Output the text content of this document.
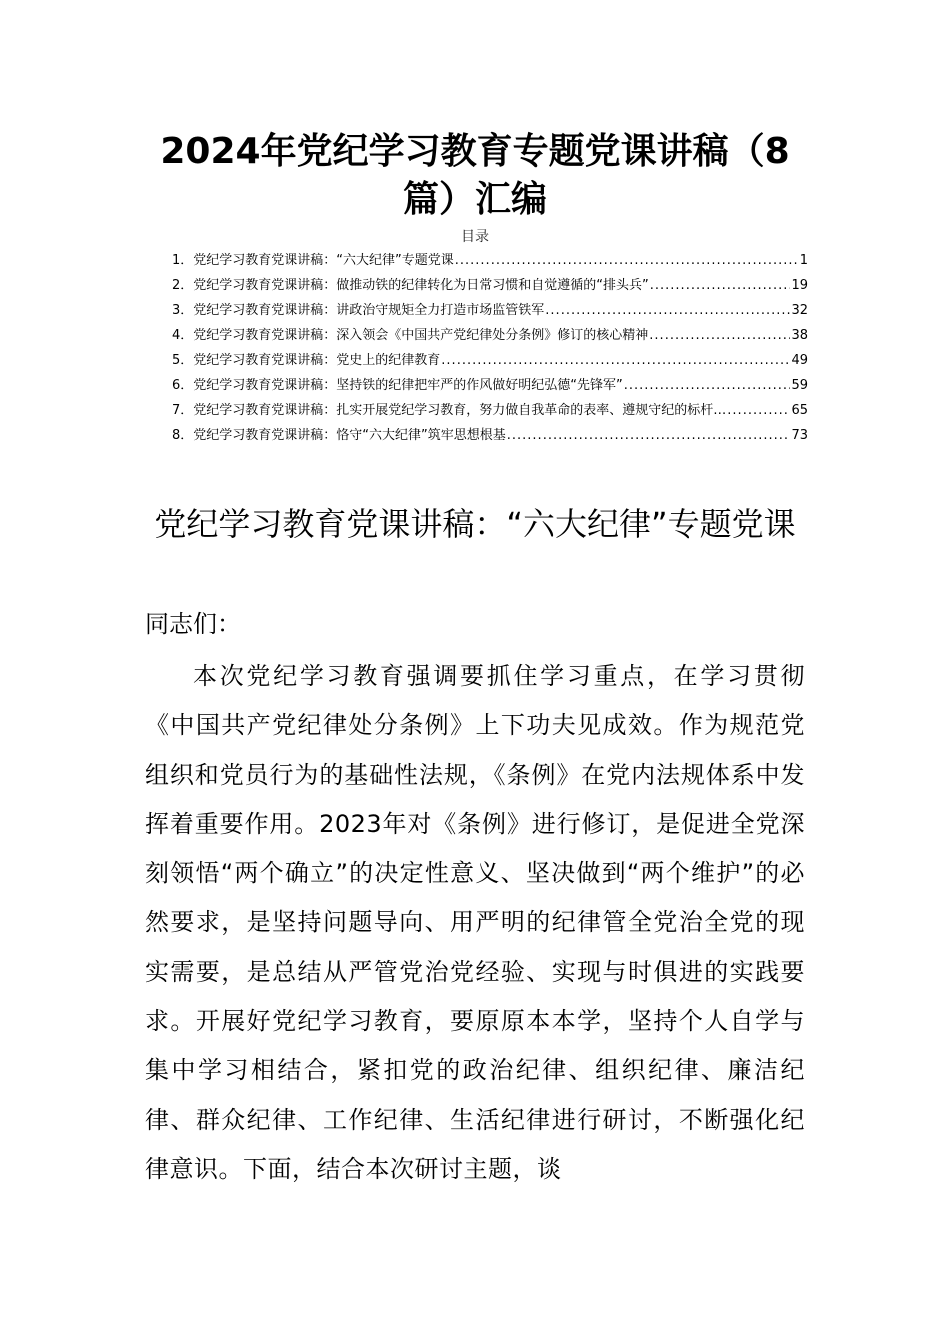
2024年党纪学习教育专题党课讲稿（8篇）汇编
目录
1． 党纪学习教育党课讲稿：“六大纪律”专题党课 .....	1
2． 党纪学习教育党课讲稿：做推动铁的纪律转化为日常习惯和自觉遵循的“排头兵” .....	19
3． 党纪学习教育党课讲稿：讲政治守规矩全力打造市场监管铁军 .....	32
4． 党纪学习教育党课讲稿：深入领会《中国共产党纪律处分条例》修订的核心精神 .....	38
5． 党纪学习教育党课讲稿：党史上的纪律教育 .....	49
6． 党纪学习教育党课讲稿：坚持铁的纪律把牢严的作风做好明纪弘德“先锋军” .....	59
7． 党纪学习教育党课讲稿：扎实开展党纪学习教育，努力做自我革命的表率、遵规守纪的标杆… .....	65
8． 党纪学习教育党课讲稿：恪守“六大纪律”筑牢思想根基 .....	73
党纪学习教育党课讲稿：“六大纪律”专题党课
同志们：

本次党纪学习教育强调要抓住学习重点，在学习贯彻《中国共产党纪律处分条例》上下功夫见成效。作为规范党组织和党员行为的基础性法规，《条例》在党内法规体系中发挥着重要作用。2023年对《条例》进行修订，是促进全党深刻领悟“两个确立”的决定性意义、坚决做到“两个维护”的必然要求，是坚持问题导向、用严明的纪律管全党治全党的现实需要，是总结从严管党治党经验、实现与时俱进的实践要求。开展好党纪学习教育，要原原本本学，坚持个人自学与集中学习相结合，紧扣党的政治纪律、组织纪律、廉洁纪律、群众纪律、工作纪律、生活纪律进行研讨，不断强化纪律意识。下面，结合本次研讨主题，谈
